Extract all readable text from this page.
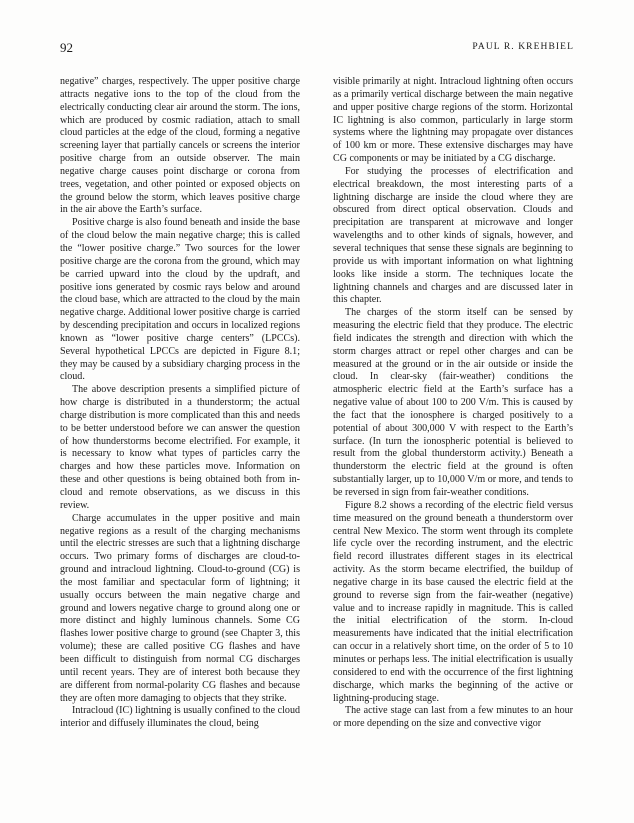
92	PAUL R. KREHBIEL

negative” charges, respectively. The upper positive charge attracts negative ions to the top of the cloud from the electrically conducting clear air around the storm. The ions, which are produced by cosmic radiation, attach to small cloud particles at the edge of the cloud, forming a negative screening layer that partially cancels or screens the interior positive charge from an outside observer. The main negative charge causes point discharge or corona from trees, vegetation, and other pointed or exposed objects on the ground below the storm, which leaves positive charge in the air above the Earth’s surface.

Positive charge is also found beneath and inside the base of the cloud below the main negative charge; this is called the “lower positive charge.” Two sources for the lower positive charge are the corona from the ground, which may be carried upward into the cloud by the updraft, and positive ions generated by cosmic rays below and around the cloud base, which are attracted to the cloud by the main negative charge. Additional lower positive charge is carried by descending precipitation and occurs in localized regions known as “lower positive charge centers” (LPCCs). Several hypothetical LPCCs are depicted in Figure 8.1; they may be caused by a subsidiary charging process in the cloud.

The above description presents a simplified picture of how charge is distributed in a thunderstorm; the actual charge distribution is more complicated than this and needs to be better understood before we can answer the question of how thunderstorms become electrified. For example, it is necessary to know what types of particles carry the charges and how these particles move. Information on these and other questions is being obtained both from in-cloud and remote observations, as we discuss in this review.

Charge accumulates in the upper positive and main negative regions as a result of the charging mechanisms until the electric stresses are such that a lightning discharge occurs. Two primary forms of discharges are cloud-to-ground and intracloud lightning. Cloud-to-ground (CG) is the most familiar and spectacular form of lightning; it usually occurs between the main negative charge and ground and lowers negative charge to ground along one or more distinct and highly luminous channels. Some CG flashes lower positive charge to ground (see Chapter 3, this volume); these are called positive CG flashes and have been difficult to distinguish from normal CG discharges until recent years. They are of interest both because they are different from normal-polarity CG flashes and because they are often more damaging to objects that they strike.

Intracloud (IC) lightning is usually confined to the cloud interior and diffusely illuminates the cloud, being

visible primarily at night. Intracloud lightning often occurs as a primarily vertical discharge between the main negative and upper positive charge regions of the storm. Horizontal IC lightning is also common, particularly in large storm systems where the lightning may propagate over distances of 100 km or more. These extensive discharges may have CG components or may be initiated by a CG discharge.

For studying the processes of electrification and electrical breakdown, the most interesting parts of a lightning discharge are inside the cloud where they are obscured from direct optical observation. Clouds and precipitation are transparent at microwave and longer wavelengths and to other kinds of signals, however, and several techniques that sense these signals are beginning to provide us with important information on what lightning looks like inside a storm. The techniques locate the lightning channels and charges and are discussed later in this chapter.

The charges of the storm itself can be sensed by measuring the electric field that they produce. The electric field indicates the strength and direction with which the storm charges attract or repel other charges and can be measured at the ground or in the air outside or inside the cloud. In clear-sky (fair-weather) conditions the atmospheric electric field at the Earth’s surface has a negative value of about 100 to 200 V/m. This is caused by the fact that the ionosphere is charged positively to a potential of about 300,000 V with respect to the Earth’s surface. (In turn the ionospheric potential is believed to result from the global thunderstorm activity.) Beneath a thunderstorm the electric field at the ground is often substantially larger, up to 10,000 V/m or more, and tends to be reversed in sign from fair-weather conditions.

Figure 8.2 shows a recording of the electric field versus time measured on the ground beneath a thunderstorm over central New Mexico. The storm went through its complete life cycle over the recording instrument, and the electric field record illustrates different stages in its electrical activity. As the storm became electrified, the buildup of negative charge in its base caused the electric field at the ground to reverse sign from the fair-weather (negative) value and to increase rapidly in magnitude. This is called the initial electrification of the storm. In-cloud measurements have indicated that the initial electrification can occur in a relatively short time, on the order of 5 to 10 minutes or perhaps less. The initial electrification is usually considered to end with the occurrence of the first lightning discharge, which marks the beginning of the active or lightning-producing stage.

The active stage can last from a few minutes to an hour or more depending on the size and convective vigor
